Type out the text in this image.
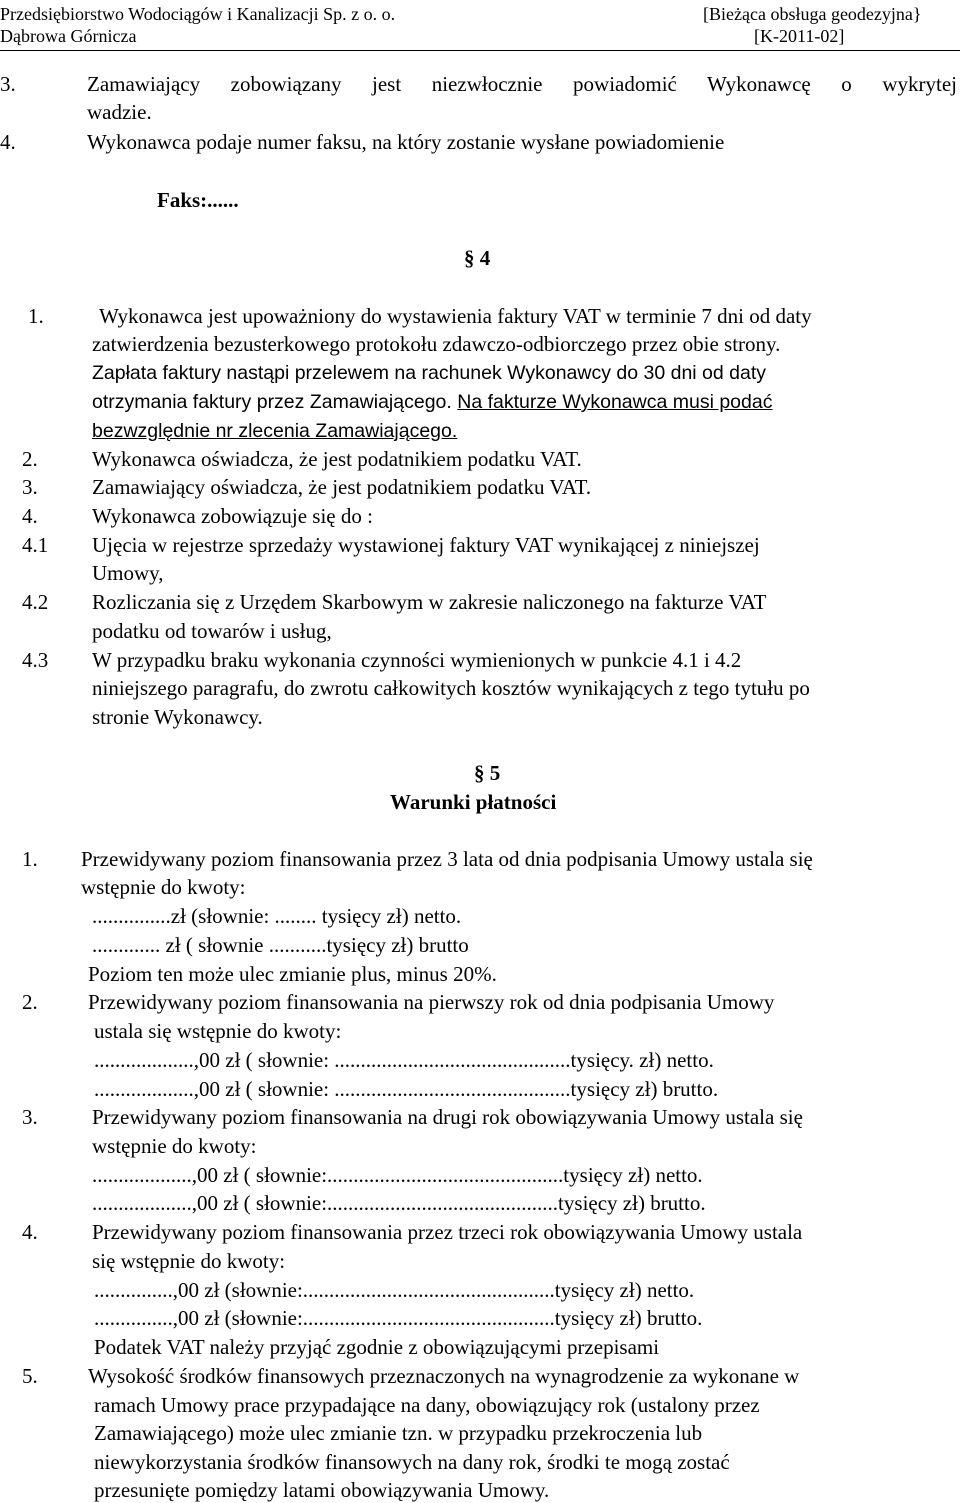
Przedsiębiorstwo Wodociągów i Kanalizacji Sp. z o. o.
Dąbrowa Górnicza
[Bieżąca obsługa geodezyjna}
[K-2011-02]
3.	Zamawiający zobowiązany jest niezwłocznie powiadomić Wykonawcę o wykrytej
wadzie.
4.	Wykonawca podaje numer faksu, na który zostanie wysłane powiadomienie
Faks:......
§ 4
1.	Wykonawca jest upoważniony do wystawienia faktury VAT w terminie 7 dni od daty
zatwierdzenia bezusterkowego protokołu zdawczo-odbiorczego przez obie strony.
Zapłata faktury nastąpi przelewem na rachunek Wykonawcy do 30 dni od daty
otrzymania faktury przez Zamawiającego. Na fakturze Wykonawca musi podać
bezwzględnie nr zlecenia Zamawiającego.
2.	Wykonawca oświadcza, że jest podatnikiem podatku VAT.
3.	Zamawiający oświadcza, że jest podatnikiem podatku VAT.
4.	Wykonawca zobowiązuje się do :
4.1 Ujęcia w rejestrze sprzedaży wystawionej faktury VAT wynikającej z niniejszej
Umowy,
4.2 Rozliczania się z Urzędem Skarbowym w zakresie naliczonego na fakturze VAT
podatku od towarów i usług,
4.3 W przypadku braku wykonania czynności wymienionych w punkcie 4.1 i 4.2
niniejszego paragrafu, do zwrotu całkowitych kosztów wynikających z tego tytułu po
stronie Wykonawcy.
§ 5
Warunki płatności
1. Przewidywany poziom finansowania przez 3 lata od dnia podpisania Umowy ustala się
wstępnie do kwoty:
...............zł (słownie: ........ tysięcy zł) netto.
............. zł ( słownie ...........tysięcy zł) brutto
Poziom ten może ulec zmianie plus, minus 20%.
2. Przewidywany poziom finansowania na pierwszy rok od dnia podpisania Umowy
ustala się wstępnie do kwoty:
...................,00 zł ( słownie: .............................................tysięcy. zł) netto.
...................,00 zł ( słownie: .............................................tysięcy zł) brutto.
3.	Przewidywany poziom finansowania na drugi rok obowiązywania Umowy ustala się
wstępnie do kwoty:
...................,00 zł ( słownie:.............................................tysięcy zł) netto.
...................,00 zł ( słownie:............................................tysięcy zł) brutto.
4.	Przewidywany poziom finansowania przez trzeci rok obowiązywania Umowy ustala
się wstępnie do kwoty:
...............,00 zł (słownie:................................................tysięcy zł) netto.
...............,00 zł (słownie:................................................tysięcy zł) brutto.
Podatek VAT należy przyjąć zgodnie z obowiązującymi przepisami
5. Wysokość środków finansowych przeznaczonych na wynagrodzenie za wykonane w
ramach Umowy prace przypadające na dany, obowiązujący rok (ustalony przez
Zamawiającego) może ulec zmianie tzn. w przypadku przekroczenia lub
niewykorzystania środków finansowych na dany rok, środki te mogą zostać
przesunięte pomiędzy latami obowiązywania Umowy.
